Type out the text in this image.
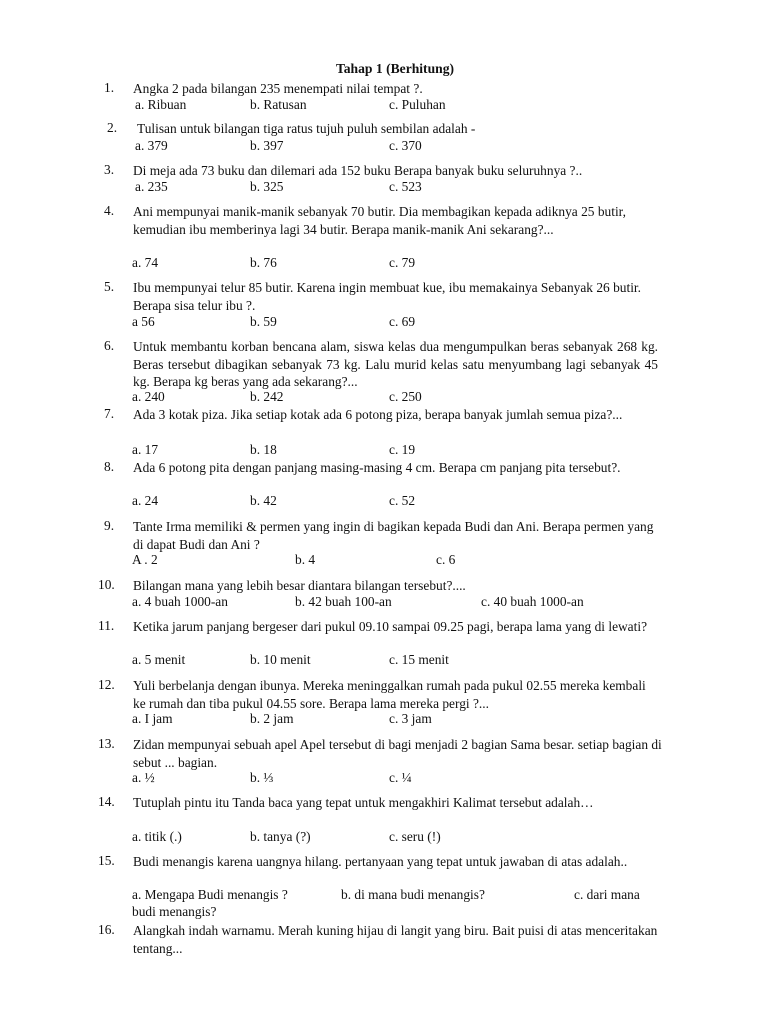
Tahap 1 (Berhitung)
1. Angka 2 pada bilangan 235 menempati nilai tempat ?.
a. Ribuan	b. Ratusan	c. Puluhan
2. Tulisan untuk bilangan tiga ratus tujuh puluh sembilan adalah -
a. 379	b. 397	c. 370
3. Di meja ada 73 buku dan dilemari ada 152 buku Berapa banyak buku seluruhnya ?..
a. 235	b. 325	c. 523
4. Ani mempunyai manik-manik sebanyak 70 butir. Dia membagikan kepada adiknya 25 butir, kemudian ibu memberinya lagi 34 butir. Berapa manik-manik Ani sekarang?...
a. 74	b. 76	c. 79
5. Ibu mempunyai telur 85 butir. Karena ingin membuat kue, ibu memakainya Sebanyak 26 butir. Berapa sisa telur ibu ?.
a 56	b. 59	c. 69
6. Untuk membantu korban bencana alam, siswa kelas dua mengumpulkan beras sebanyak 268 kg. Beras tersebut dibagikan sebanyak 73 kg. Lalu murid kelas satu menyumbang lagi sebanyak 45 kg. Berapa kg beras yang ada sekarang?...
a. 240	b. 242	c. 250
7. Ada 3 kotak piza. Jika setiap kotak ada 6 potong piza, berapa banyak jumlah semua piza?...
a. 17	b. 18	c. 19
8. Ada 6 potong pita dengan panjang masing-masing 4 cm. Berapa cm panjang pita tersebut?.
a. 24	b. 42	c. 52
9. Tante Irma memiliki & permen yang ingin di bagikan kepada Budi dan Ani. Berapa permen yang di dapat Budi dan Ani ?
A . 2	b. 4	c. 6
10. Bilangan mana yang lebih besar diantara bilangan tersebut?....
a. 4 buah 1000-an	b. 42 buah 100-an	c. 40 buah 1000-an
11. Ketika jarum panjang bergeser dari pukul 09.10 sampai 09.25 pagi, berapa lama yang di lewati?
a. 5 menit	b. 10 menit	c. 15 menit
12. Yuli berbelanja dengan ibunya. Mereka meninggalkan rumah pada pukul 02.55 mereka kembali ke rumah dan tiba pukul 04.55 sore. Berapa lama mereka pergi ?...
a. I jam	b. 2 jam	c. 3 jam
13. Zidan mempunyai sebuah apel Apel tersebut di bagi menjadi 2 bagian Sama besar. setiap bagian di sebut ... bagian.
a. ½	b. ⅓	c. ¼
14. Tutuplah pintu itu Tanda baca yang tepat untuk mengakhiri Kalimat tersebut adalah…
a. titik (.)	b. tanya (?)	c. seru (!)
15. Budi menangis karena uangnya hilang. pertanyaan yang tepat untuk jawaban di atas adalah..
a. Mengapa Budi menangis ?	b. di mana budi menangis?	c. dari mana
budi menangis?
16. Alangkah indah warnamu. Merah kuning hijau di langit yang biru. Bait puisi di atas menceritakan tentang...
